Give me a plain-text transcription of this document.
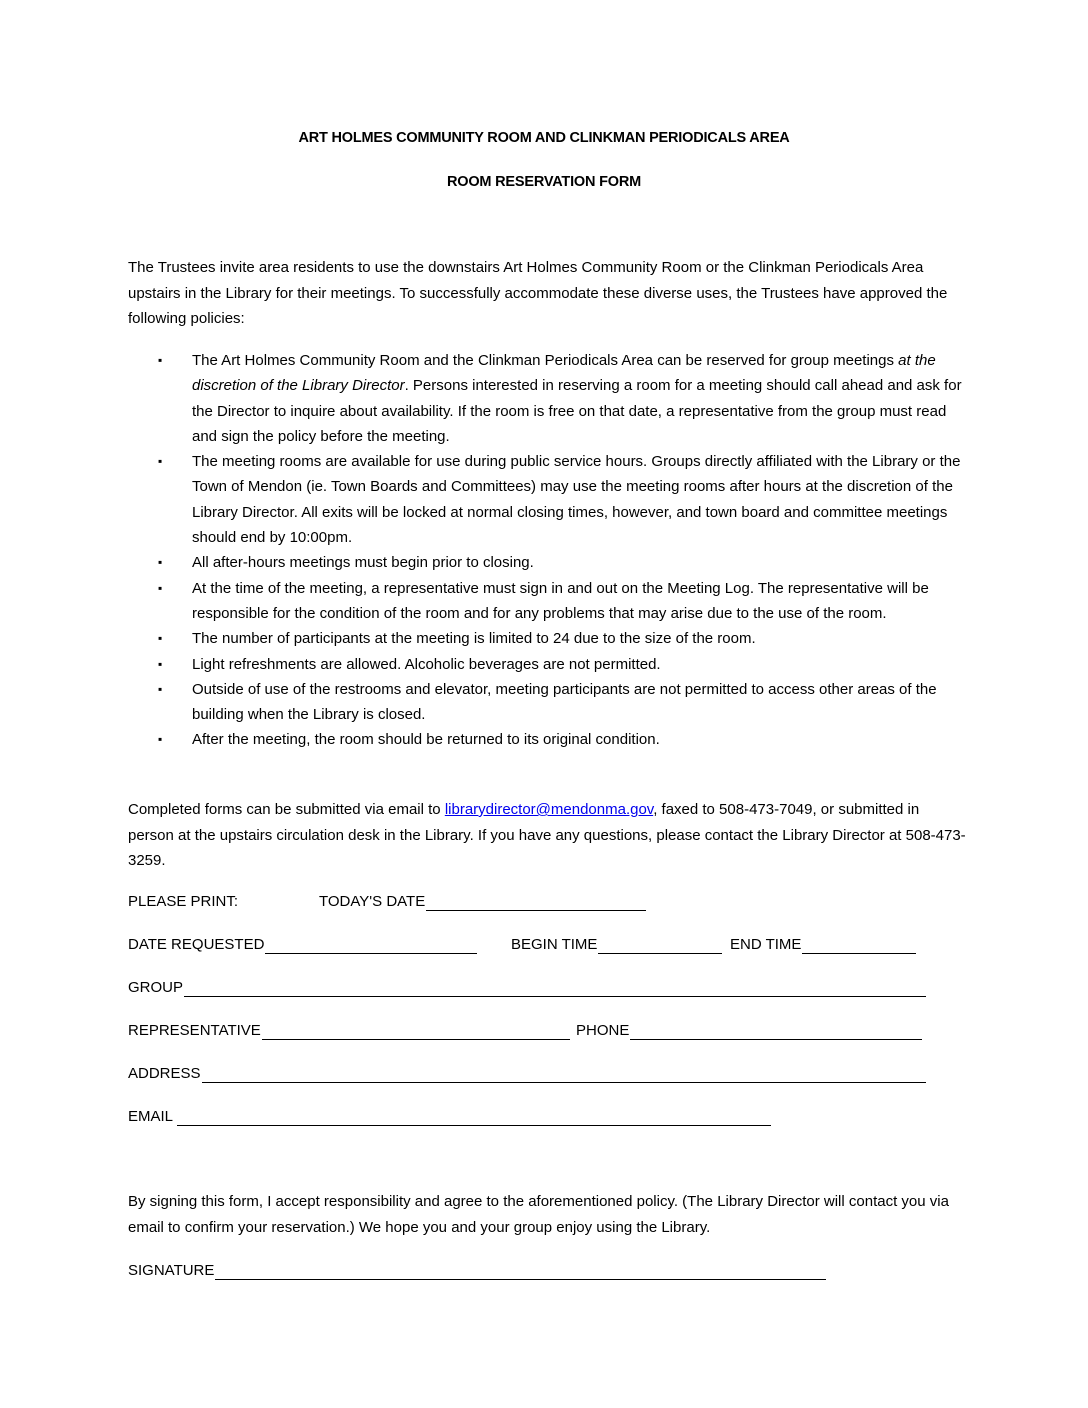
ART HOLMES COMMUNITY ROOM AND CLINKMAN PERIODICALS AREA
ROOM RESERVATION FORM

The Trustees invite area residents to use the downstairs Art Holmes Community Room or the Clinkman Periodicals Area upstairs in the Library for their meetings. To successfully accommodate these diverse uses, the Trustees have approved the following policies:

▪ The Art Holmes Community Room and the Clinkman Periodicals Area can be reserved for group meetings at the discretion of the Library Director. Persons interested in reserving a room for a meeting should call ahead and ask for the Director to inquire about availability. If the room is free on that date, a representative from the group must read and sign the policy before the meeting.
▪ The meeting rooms are available for use during public service hours. Groups directly affiliated with the Library or the Town of Mendon (ie. Town Boards and Committees) may use the meeting rooms after hours at the discretion of the Library Director. All exits will be locked at normal closing times, however, and town board and committee meetings should end by 10:00pm.
▪ All after-hours meetings must begin prior to closing.
▪ At the time of the meeting, a representative must sign in and out on the Meeting Log. The representative will be responsible for the condition of the room and for any problems that may arise due to the use of the room.
▪ The number of participants at the meeting is limited to 24 due to the size of the room.
▪ Light refreshments are allowed. Alcoholic beverages are not permitted.
▪ Outside of use of the restrooms and elevator, meeting participants are not permitted to access other areas of the building when the Library is closed.
▪ After the meeting, the room should be returned to its original condition.

Completed forms can be submitted via email to librarydirector@mendonma.gov, faxed to 508-473-7049, or submitted in person at the upstairs circulation desk in the Library. If you have any questions, please contact the Library Director at 508-473-3259.

PLEASE PRINT:	TODAY'S DATE
DATE REQUESTED	BEGIN TIME	END TIME
GROUP
REPRESENTATIVE	PHONE
ADDRESS
EMAIL

By signing this form, I accept responsibility and agree to the aforementioned policy. (The Library Director will contact you via email to confirm your reservation.) We hope you and your group enjoy using the Library.

SIGNATURE
